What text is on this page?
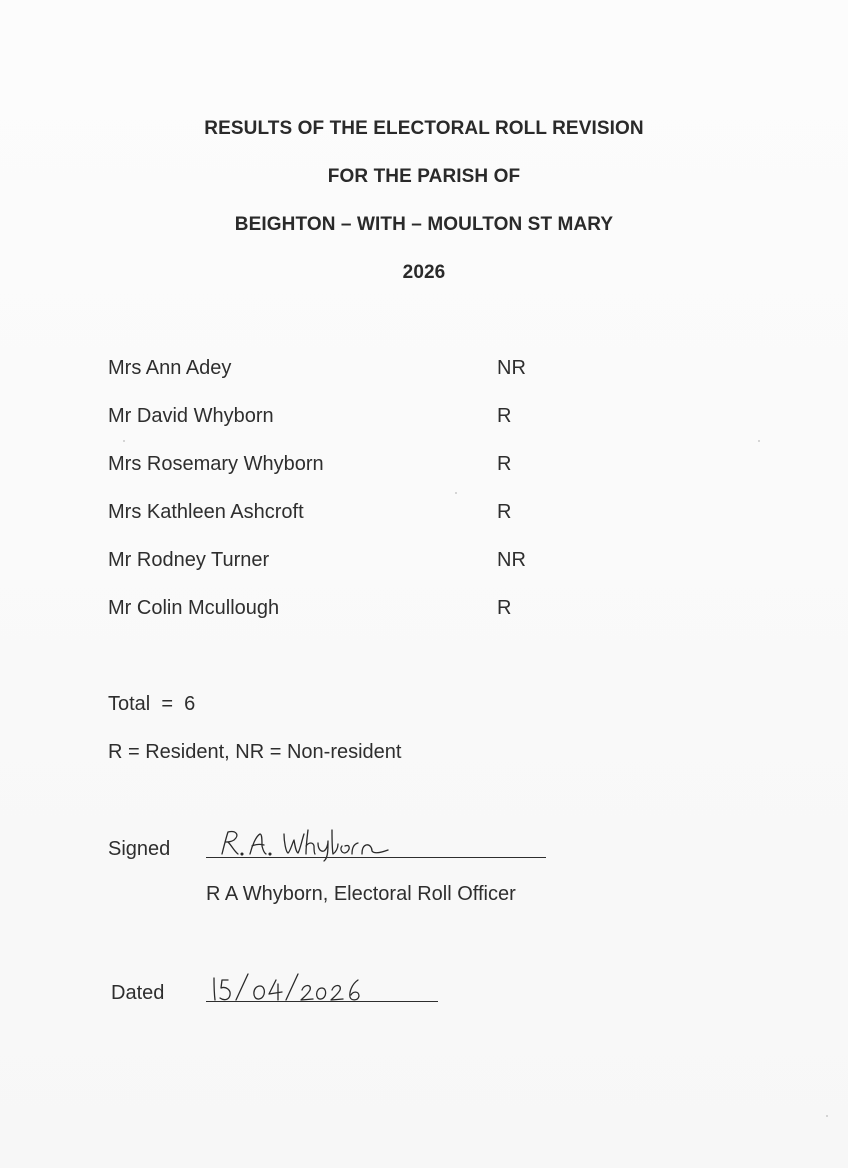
RESULTS OF THE ELECTORAL ROLL REVISION
FOR THE PARISH OF
BEIGHTON – WITH – MOULTON ST MARY
2026
Mrs Ann Adey	NR
Mr David Whyborn	R
Mrs Rosemary Whyborn	R
Mrs Kathleen Ashcroft	R
Mr Rodney Turner	NR
Mr Colin Mcullough	R
Total  =  6
R = Resident, NR = Non-resident
Signed
R A Whyborn, Electoral Roll Officer
Dated
